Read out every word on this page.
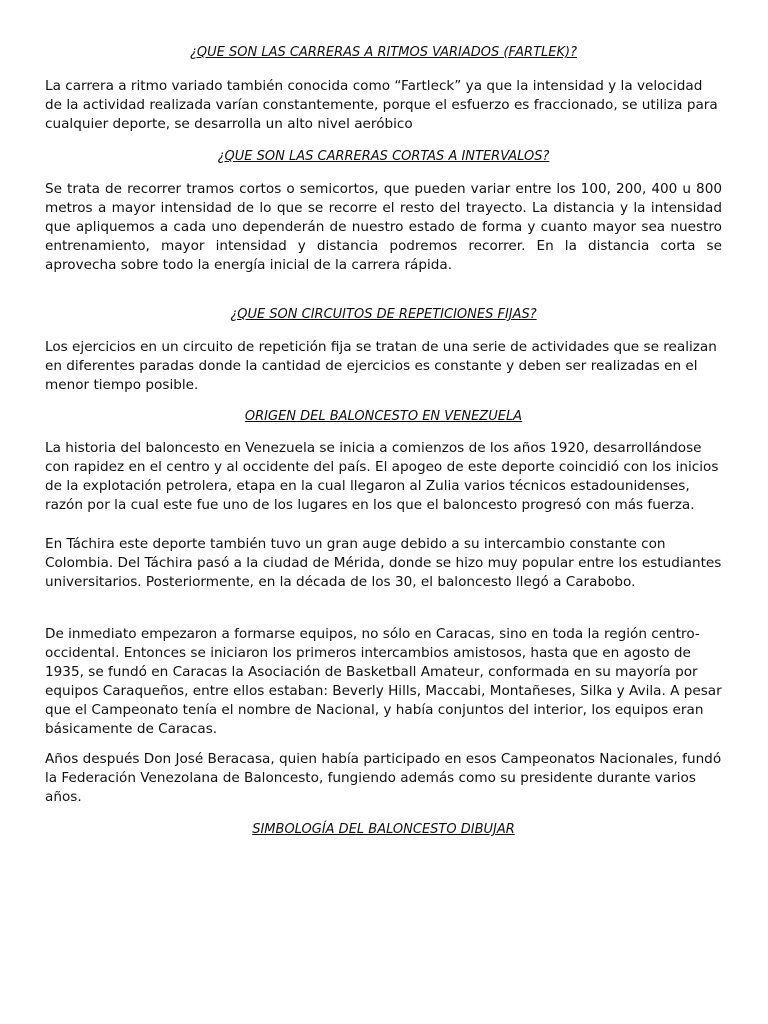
¿QUE SON LAS CARRERAS A RITMOS VARIADOS (FARTLEK)?

La carrera a ritmo variado también conocida como “Fartleck” ya que la intensidad y la velocidad de la actividad realizada varían constantemente, porque el esfuerzo es fraccionado, se utiliza para cualquier deporte, se desarrolla un alto nivel aeróbico

¿QUE SON LAS CARRERAS CORTAS A INTERVALOS?

Se trata de recorrer tramos cortos o semicortos, que pueden variar entre los 100, 200, 400 u 800 metros a mayor intensidad de lo que se recorre el resto del trayecto. La distancia y la intensidad que apliquemos a cada uno dependerán de nuestro estado de forma y cuanto mayor sea nuestro entrenamiento, mayor intensidad y distancia podremos recorrer. En la distancia corta se aprovecha sobre todo la energía inicial de la carrera rápida.

¿QUE SON CIRCUITOS DE REPETICIONES FIJAS?

Los ejercicios en un circuito de repetición fija se tratan de una serie de actividades que se realizan en diferentes paradas donde la cantidad de ejercicios es constante y deben ser realizadas en el menor tiempo posible.

ORIGEN DEL BALONCESTO EN VENEZUELA

La historia del baloncesto en Venezuela se inicia a comienzos de los años 1920, desarrollándose con rapidez en el centro y al occidente del país. El apogeo de este deporte coincidió con los inicios de la explotación petrolera, etapa en la cual llegaron al Zulia varios técnicos estadounidenses, razón por la cual este fue uno de los lugares en los que el baloncesto progresó con más fuerza.

En Táchira este deporte también tuvo un gran auge debido a su intercambio constante con Colombia. Del Táchira pasó a la ciudad de Mérida, donde se hizo muy popular entre los estudiantes universitarios. Posteriormente, en la década de los 30, el baloncesto llegó a Carabobo.

De inmediato empezaron a formarse equipos, no sólo en Caracas, sino en toda la región centro-occidental. Entonces se iniciaron los primeros intercambios amistosos, hasta que en agosto de 1935, se fundó en Caracas la Asociación de Basketball Amateur, conformada en su mayoría por equipos Caraqueños, entre ellos estaban: Beverly Hills, Maccabi, Montañeses, Silka y Avila. A pesar que el Campeonato tenía el nombre de Nacional, y había conjuntos del interior, los equipos eran básicamente de Caracas.

Años después Don José Beracasa, quien había participado en esos Campeonatos Nacionales, fundó la Federación Venezolana de Baloncesto, fungiendo además como su presidente durante varios años.

SIMBOLOGÍA DEL BALONCESTO DIBUJAR
